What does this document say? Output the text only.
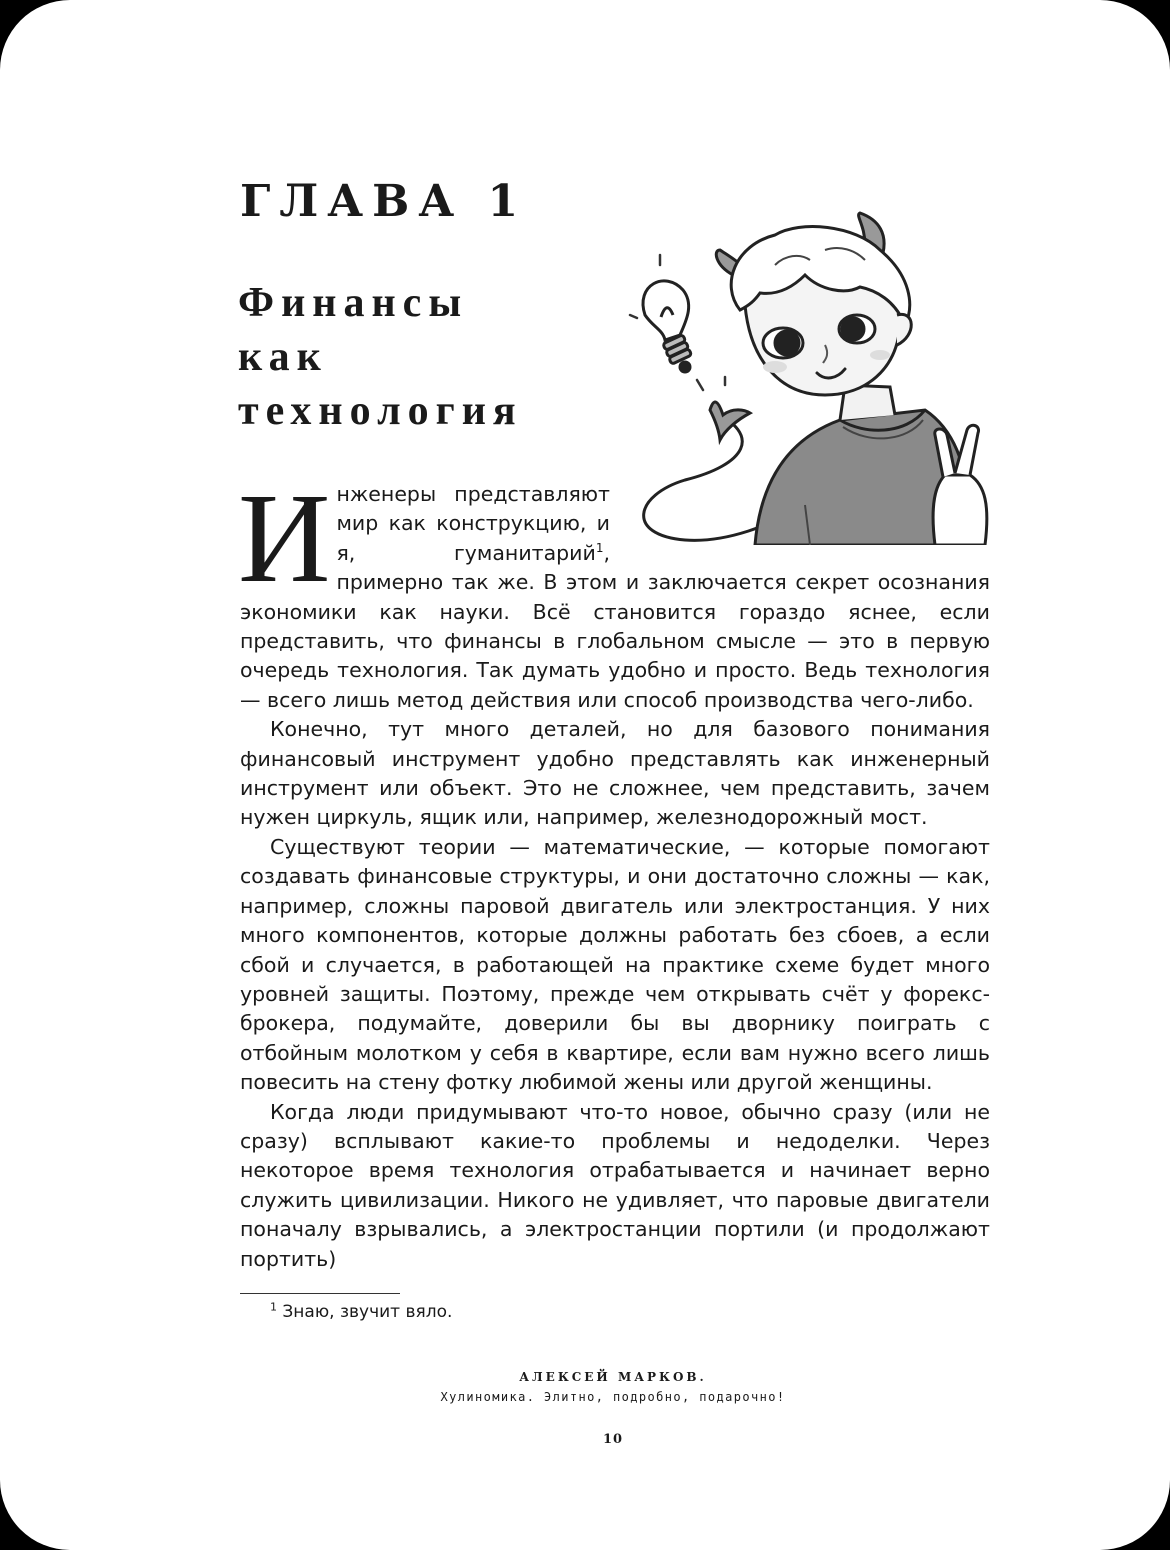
ГЛАВА 1
Финансы
как
технология

Инженеры представляют мир как конструкцию, и я, гуманитарий$^1$, примерно так же. В этом и заключается секрет осознания экономики как науки. Всё становится гораздо яснее, если представить, что финансы в глобальном смысле — это в первую очередь технология. Так думать удобно и просто. Ведь технология — всего лишь метод действия или способ производства чего-либо.

Конечно, тут много деталей, но для базового понимания финансовый инструмент удобно представлять как инженерный инструмент или объект. Это не сложнее, чем представить, зачем нужен циркуль, ящик или, например, железнодорожный мост.

Существуют теории — математические, — которые помогают создавать финансовые структуры, и они достаточно сложны — как, например, сложны паровой двигатель или электростанция. У них много компонентов, которые должны работать без сбоев, а если сбой и случается, в работающей на практике схеме будет много уровней защиты. Поэтому, прежде чем открывать счёт у форекс-брокера, подумайте, доверили бы вы дворнику поиграть с отбойным молотком у себя в квартире, если вам нужно всего лишь повесить на стену фотку любимой жены или другой женщины.

Когда люди придумывают что-то новое, обычно сразу (или не сразу) всплывают какие-то проблемы и недоделки. Через некоторое время технология отрабатывается и начинает верно служить цивилизации. Никого не удивляет, что паровые двигатели поначалу взрывались, а электростанции портили (и продолжают портить)

$^1$ Знаю, звучит вяло.

АЛЕКСЕЙ МАРКОВ.
Хулиномика. Элитно, подробно, подарочно!
10
